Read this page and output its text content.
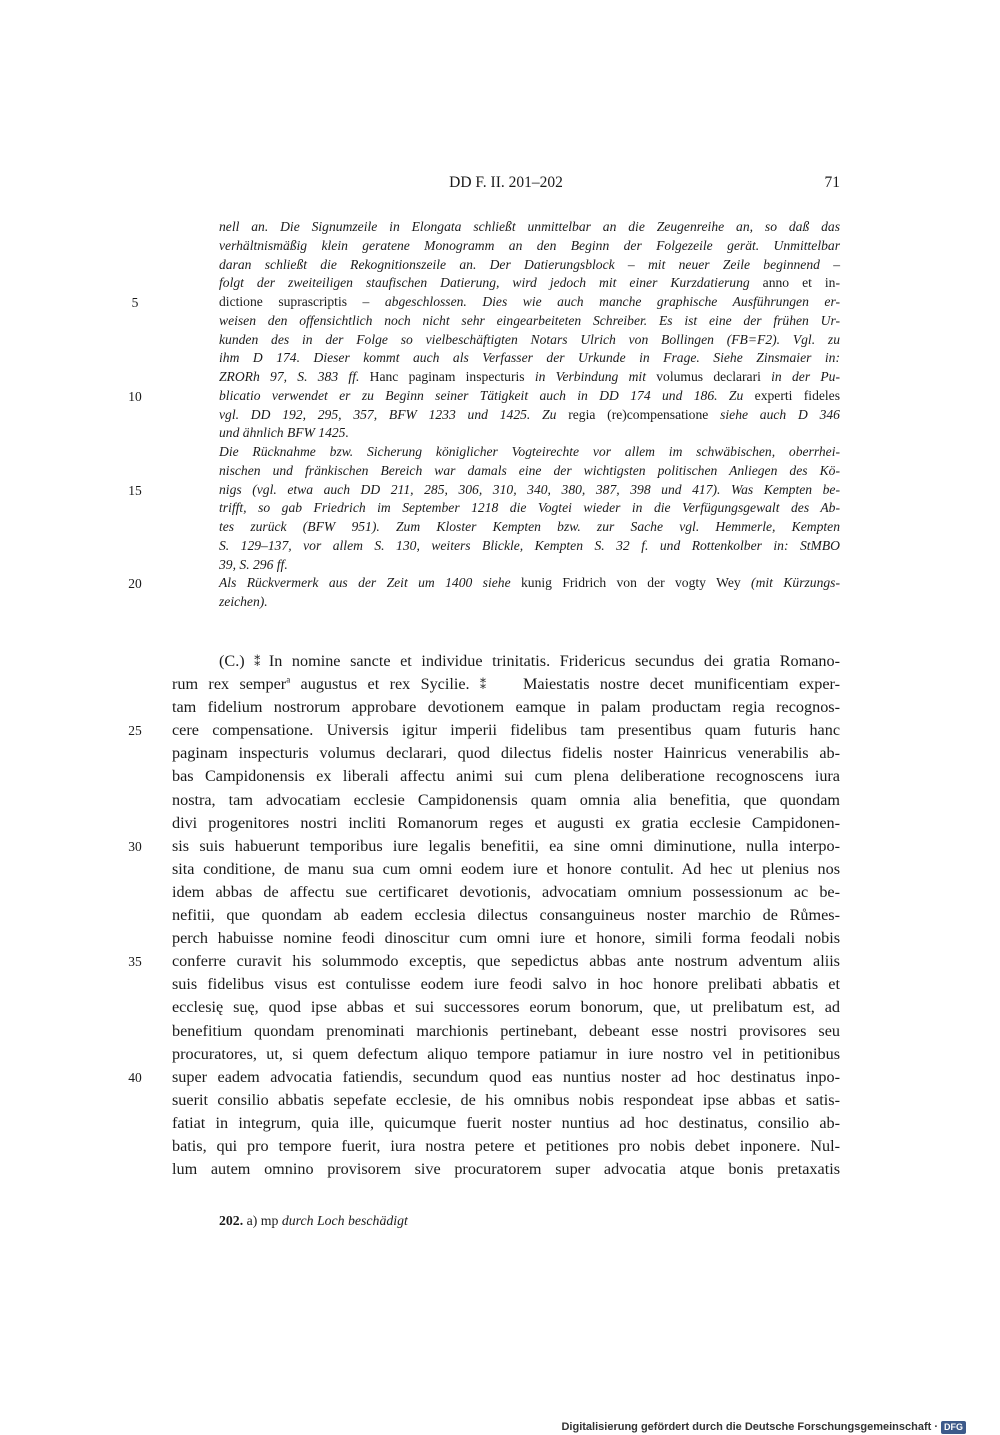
DD F. II. 201–202	71
nell an. Die Signumzeile in Elongata schließt unmittelbar an die Zeugenreihe an, so daß das
verhältnismäßig klein geratene Monogramm an den Beginn der Folgezeile gerät. Unmittelbar
daran schließt die Rekognitionszeile an. Der Datierungsblock – mit neuer Zeile beginnend –
folgt der zweiteiligen staufischen Datierung, wird jedoch mit einer Kurzdatierung anno et in-
dictione suprascriptis – abgeschlossen. Dies wie auch manche graphische Ausführungen er-
weisen den offensichtlich noch nicht sehr eingearbeiteten Schreiber. Es ist eine der frühen Ur-
kunden des in der Folge so vielbeschäftigten Notars Ulrich von Bollingen (FB=F2). Vgl. zu
ihm D 174. Dieser kommt auch als Verfasser der Urkunde in Frage. Siehe Zinsmaier in:
ZRORh 97, S. 383 ff. Hanc paginam inspecturis in Verbindung mit volumus declarari in der Pu-
blicatio verwendet er zu Beginn seiner Tätigkeit auch in DD 174 und 186. Zu experti fideles
vgl. DD 192, 295, 357, BFW 1233 und 1425. Zu regia (re)compensatione siehe auch D 346
und ähnlich BFW 1425.
Die Rücknahme bzw. Sicherung königlicher Vogteirechte vor allem im schwäbischen, oberrhei-
nischen und fränkischen Bereich war damals eine der wichtigsten politischen Anliegen des Kö-
nigs (vgl. etwa auch DD 211, 285, 306, 310, 340, 380, 387, 398 und 417). Was Kempten be-
trifft, so gab Friedrich im September 1218 die Vogtei wieder in die Verfügungsgewalt des Ab-
tes zurück (BFW 951). Zum Kloster Kempten bzw. zur Sache vgl. Hemmerle, Kempten
S. 129–137, vor allem S. 130, weiters Blickle, Kempten S. 32 f. und Rottenkolber in: StMBO
39, S. 296 ff.
Als Rückvermerk aus der Zeit um 1400 siehe kunig Fridrich von der vogty Wey (mit Kürzungs-
zeichen).
(C.) ⁑ In nomine sancte et individue trinitatis. Fridericus secundus dei gratia Romano-
rum rex semper$^a$ augustus et rex Sycilie. ⁑ Maiestatis nostre decet munificentiam exper-
tam fidelium nostrorum approbare devotionem eamque in palam productam regia recognos-
cere compensatione. Universis igitur imperii fidelibus tam presentibus quam futuris hanc
paginam inspecturis volumus declarari, quod dilectus fidelis noster Hainricus venerabilis ab-
bas Campidonensis ex liberali affectu animi sui cum plena deliberatione recognoscens iura
nostra, tam advocatiam ecclesie Campidonensis quam omnia alia benefitia, que quondam
divi progenitores nostri incliti Romanorum reges et augusti ex gratia ecclesie Campidonen-
sis suis habuerunt temporibus iure legalis benefitii, ea sine omni diminutione, nulla interpo-
sita conditione, de manu sua cum omni eodem iure et honore contulit. Ad hec ut plenius nos
idem abbas de affectu sue certificaret devotionis, advocatiam omnium possessionum ac be-
nefitii, que quondam ab eadem ecclesia dilectus consanguineus noster marchio de Růmes-
perch habuisse nomine feodi dinoscitur cum omni iure et honore, simili forma feodali nobis
conferre curavit his solummodo exceptis, que sepedictus abbas ante nostrum adventum aliis
suis fidelibus visus est contulisse eodem iure feodi salvo in hoc honore prelibati abbatis et
ecclesię suę, quod ipse abbas et sui successores eorum bonorum, que, ut prelibatum est, ad
benefitium quondam prenominati marchionis pertinebant, debeant esse nostri provisores seu
procuratores, ut, si quem defectum aliquo tempore patiamur in iure nostro vel in petitionibus
super eadem advocatia fatiendis, secundum quod eas nuntius noster ad hoc destinatus inpo-
suerit consilio abbatis sepefate ecclesie, de his omnibus nobis respondeat ipse abbas et satis-
fatiat in integrum, quia ille, quicumque fuerit noster nuntius ad hoc destinatus, consilio ab-
batis, qui pro tempore fuerit, iura nostra petere et petitiones pro nobis debet inponere. Nul-
lum autem omnino provisorem sive procuratorem super advocatia atque bonis pretaxatis
5
10
15
20
25
30
35
40
202. a) mp durch Loch beschädigt
Digitalisierung gefördert durch die Deutsche Forschungsgemeinschaft · DFG
